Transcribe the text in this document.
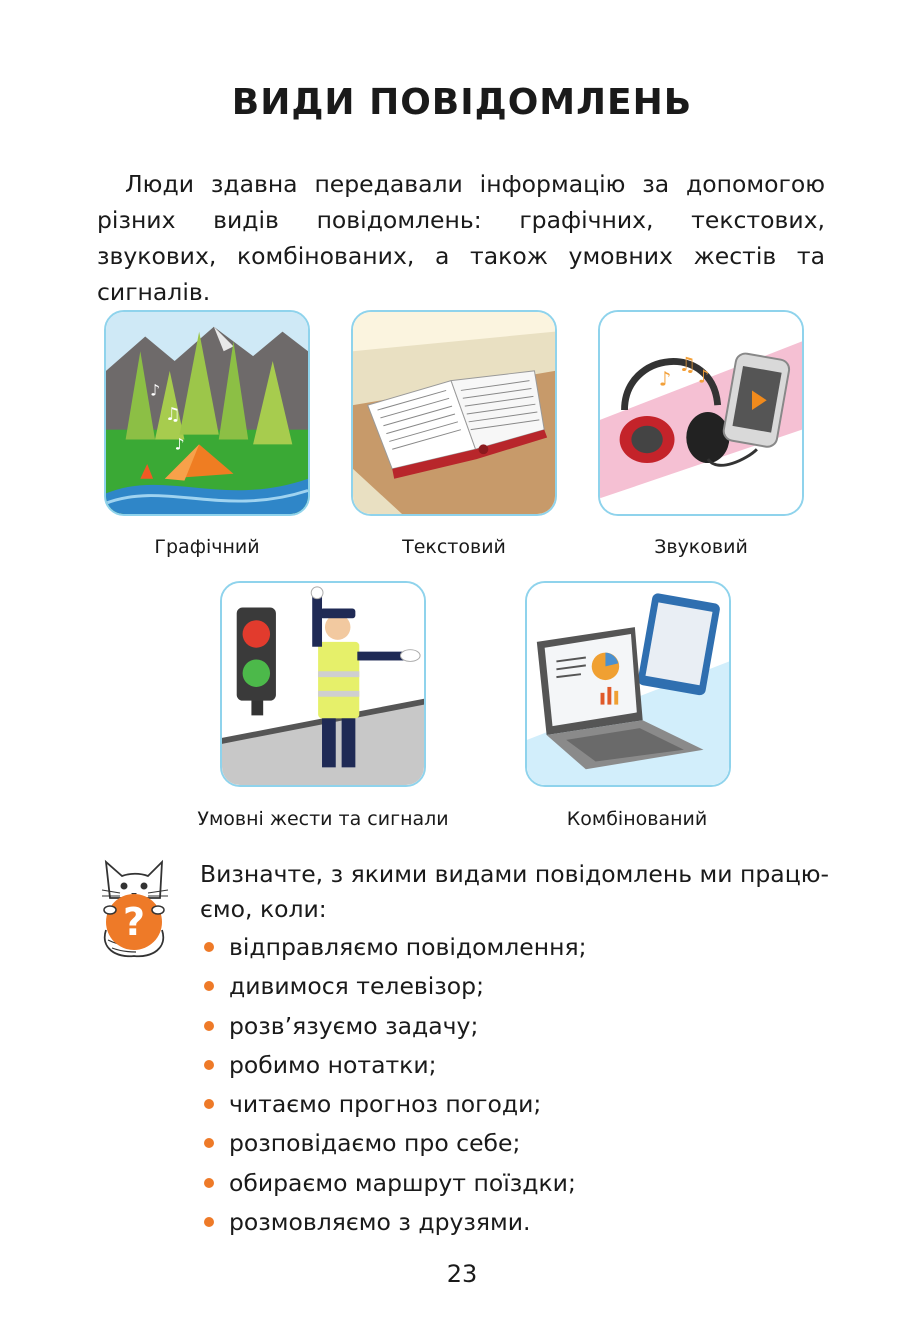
ВИДИ ПОВІДОМЛЕНЬ

Люди здавна передавали інформацію за допомогою різних видів повідомлень: графічних, текстових, звукових, комбінованих, а також умовних жестів та сигналів.

♪
♫
♪

Графічний	Текстовий

♪
♫
♪

Звуковий

Умовні жести та сигнали	Комбінований

?

Визначте, з якими видами повідомлень ми працю-
ємо, коли:

відправляємо повідомлення;
дивимося телевізор;
розв’язуємо задачу;
робимо нотатки;
читаємо прогноз погоди;
розповідаємо про себе;
обираємо маршрут поїздки;
розмовляємо з друзями.

23
